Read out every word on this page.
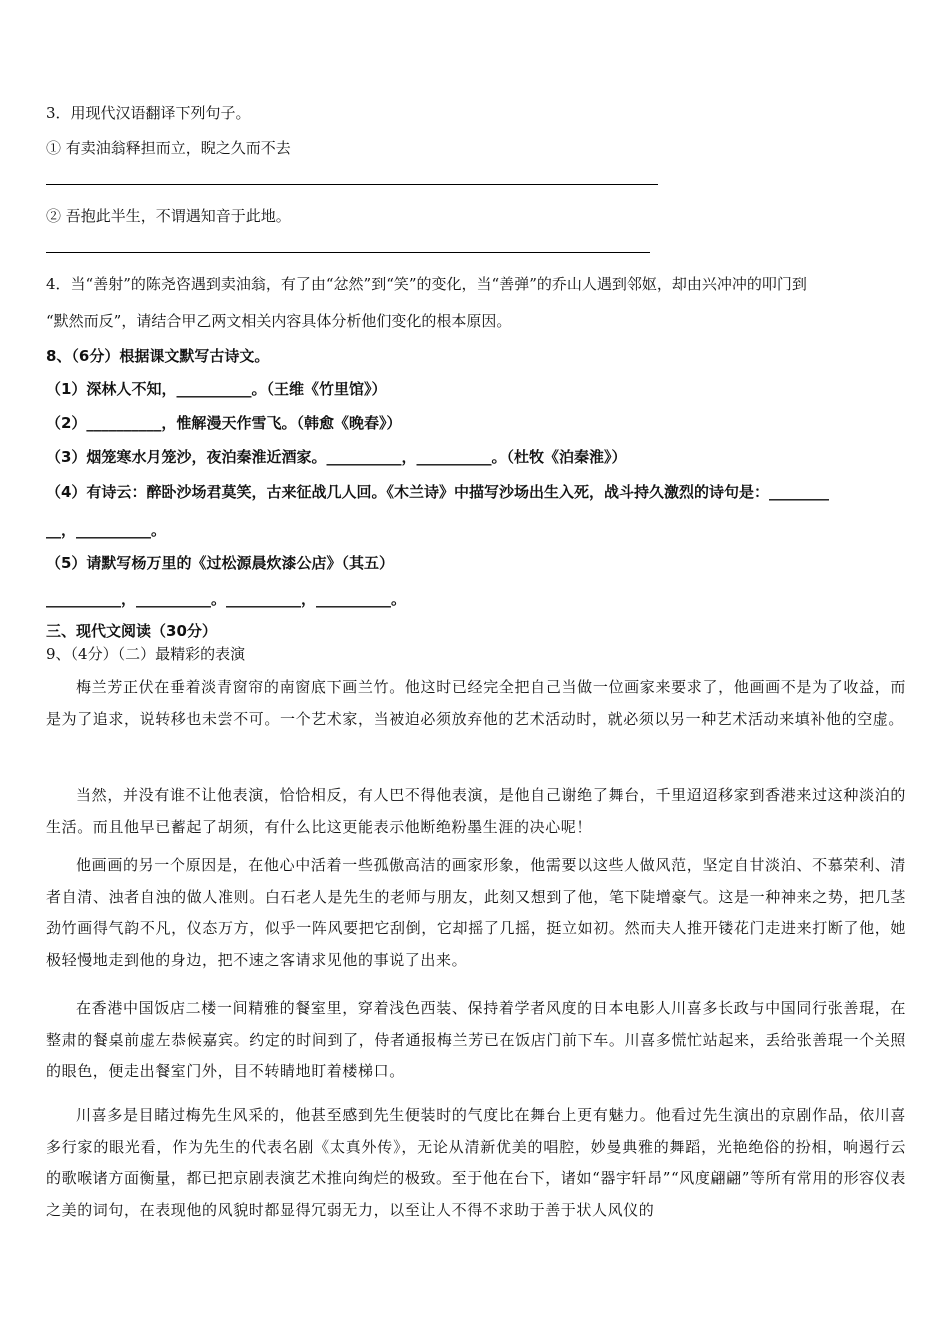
3．用现代汉语翻译下列句子。
① 有卖油翁释担而立，睨之久而不去
② 吾抱此半生，不谓遇知音于此地。
4．当“善射”的陈尧咨遇到卖油翁，有了由“忿然”到“笑”的变化，当“善弹”的乔山人遇到邻妪，却由兴冲冲的叩门到
“默然而反”，请结合甲乙两文相关内容具体分析他们变化的根本原因。
8、（6分）根据课文默写古诗文。
（1）深林人不知，__________。（王维《竹里馆》）
（2）__________，惟解漫天作雪飞。（韩愈《晚春》）
（3）烟笼寒水月笼沙，夜泊秦淮近酒家。__________，__________。（杜牧《泊秦淮》）
（4）有诗云：醉卧沙场君莫笑，古来征战几人回。《木兰诗》中描写沙场出生入死，战斗持久激烈的诗句是：________
__，__________。
（5）请默写杨万里的《过松源晨炊漆公店》（其五）
__________，__________。__________，__________。
三、现代文阅读（30分）
9、（4分）（二）最精彩的表演
梅兰芳正伏在垂着淡青窗帘的南窗底下画兰竹。他这时已经完全把自己当做一位画家来要求了，他画画不是为了收益，而是为了追求，说转移也未尝不可。一个艺术家，当被迫必须放弃他的艺术活动时，就必须以另一种艺术活动来填补他的空虚。
当然，并没有谁不让他表演，恰恰相反，有人巴不得他表演，是他自己谢绝了舞台，千里迢迢移家到香港来过这种淡泊的生活。而且他早已蓄起了胡须，有什么比这更能表示他断绝粉墨生涯的决心呢！
他画画的另一个原因是，在他心中活着一些孤傲高洁的画家形象，他需要以这些人做风范，坚定自甘淡泊、不慕荣利、清者自清、浊者自浊的做人准则。白石老人是先生的老师与朋友，此刻又想到了他，笔下陡增豪气。这是一种神来之势，把几茎劲竹画得气韵不凡，仪态万方，似乎一阵风要把它刮倒，它却摇了几摇，挺立如初。然而夫人推开镂花门走进来打断了他，她极轻慢地走到他的身边，把不速之客请求见他的事说了出来。
在香港中国饭店二楼一间精雅的餐室里，穿着浅色西装、保持着学者风度的日本电影人川喜多长政与中国同行张善琨，在整肃的餐桌前虚左恭候嘉宾。约定的时间到了，侍者通报梅兰芳已在饭店门前下车。川喜多慌忙站起来，丢给张善琨一个关照的眼色，便走出餐室门外，目不转睛地盯着楼梯口。
川喜多是目睹过梅先生风采的，他甚至感到先生便装时的气度比在舞台上更有魅力。他看过先生演出的京剧作品，依川喜多行家的眼光看，作为先生的代表名剧《太真外传》，无论从清新优美的唱腔，妙曼典雅的舞蹈，光艳绝俗的扮相，响遏行云的歌喉诸方面衡量，都已把京剧表演艺术推向绚烂的极致。至于他在台下，诸如“器宇轩昂”“风度翩翩”等所有常用的形容仪表之美的词句，在表现他的风貌时都显得冗弱无力，以至让人不得不求助于善于状人风仪的
